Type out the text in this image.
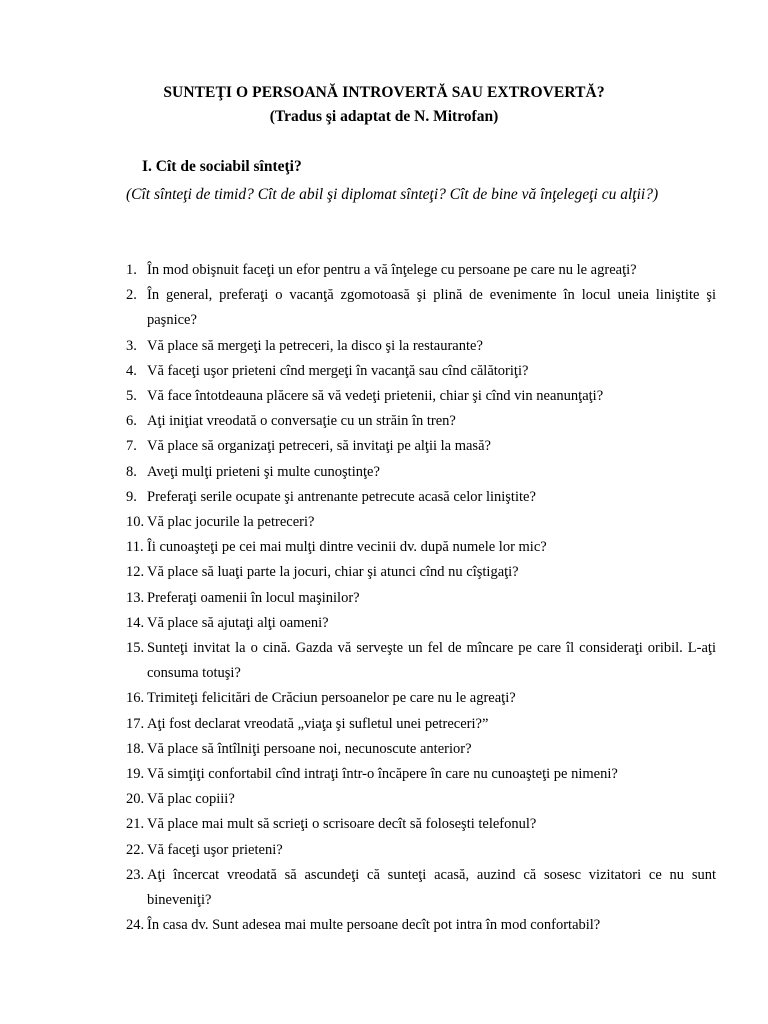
SUNTEŢI O PERSOANĂ INTROVERTĂ SAU EXTROVERTĂ?
(Tradus şi adaptat de N. Mitrofan)
I. Cît de sociabil sînteţi?
(Cît sînteţi de timid? Cît de abil şi diplomat sînteţi? Cît de bine vă înţelegeţi cu alţii?)
1. În mod obişnuit faceţi un efor pentru a vă înţelege cu persoane pe care nu le agreaţi?
2. În general, preferaţi o vacanţă zgomotoasă şi plină de evenimente în locul uneia liniştite şi paşnice?
3. Vă place să mergeţi la petreceri, la disco şi la restaurante?
4. Vă faceţi uşor prieteni cînd mergeţi în vacanţă sau cînd călătoriţi?
5. Vă face întotdeauna plăcere să vă vedeţi prietenii, chiar şi cînd vin neanunţaţi?
6. Aţi iniţiat vreodată o conversaţie cu un străin în tren?
7. Vă place să organizaţi petreceri, să invitaţi pe alţii la masă?
8. Aveţi mulţi prieteni şi multe cunoştinţe?
9. Preferaţi serile ocupate şi antrenante petrecute acasă celor liniştite?
10. Vă plac jocurile la petreceri?
11. Îi cunoaşteţi pe cei mai mulţi dintre vecinii dv. după numele lor mic?
12. Vă place să luaţi parte la jocuri, chiar şi atunci cînd nu cîştigaţi?
13. Preferaţi oamenii în locul maşinilor?
14. Vă place să ajutaţi alţi oameni?
15. Sunteţi invitat la o cină. Gazda vă serveşte un fel de mîncare pe care îl consideraţi oribil. L-aţi consuma totuşi?
16. Trimiteţi felicitări de Crăciun persoanelor pe care nu le agreaţi?
17. Aţi fost declarat vreodată „viaţa şi sufletul unei petreceri?”
18. Vă place să întîlniţi persoane noi, necunoscute anterior?
19. Vă simţiţi confortabil cînd intraţi într-o încăpere în care nu cunoaşteţi pe nimeni?
20. Vă plac copiii?
21. Vă place mai mult să scrieţi o scrisoare decît să foloseşti telefonul?
22. Vă faceţi uşor prieteni?
23. Aţi încercat vreodată să ascundeţi că sunteţi acasă, auzind că sosesc vizitatori ce nu sunt bineveniţi?
24. În casa dv. Sunt adesea mai multe persoane decît pot intra în mod confortabil?
